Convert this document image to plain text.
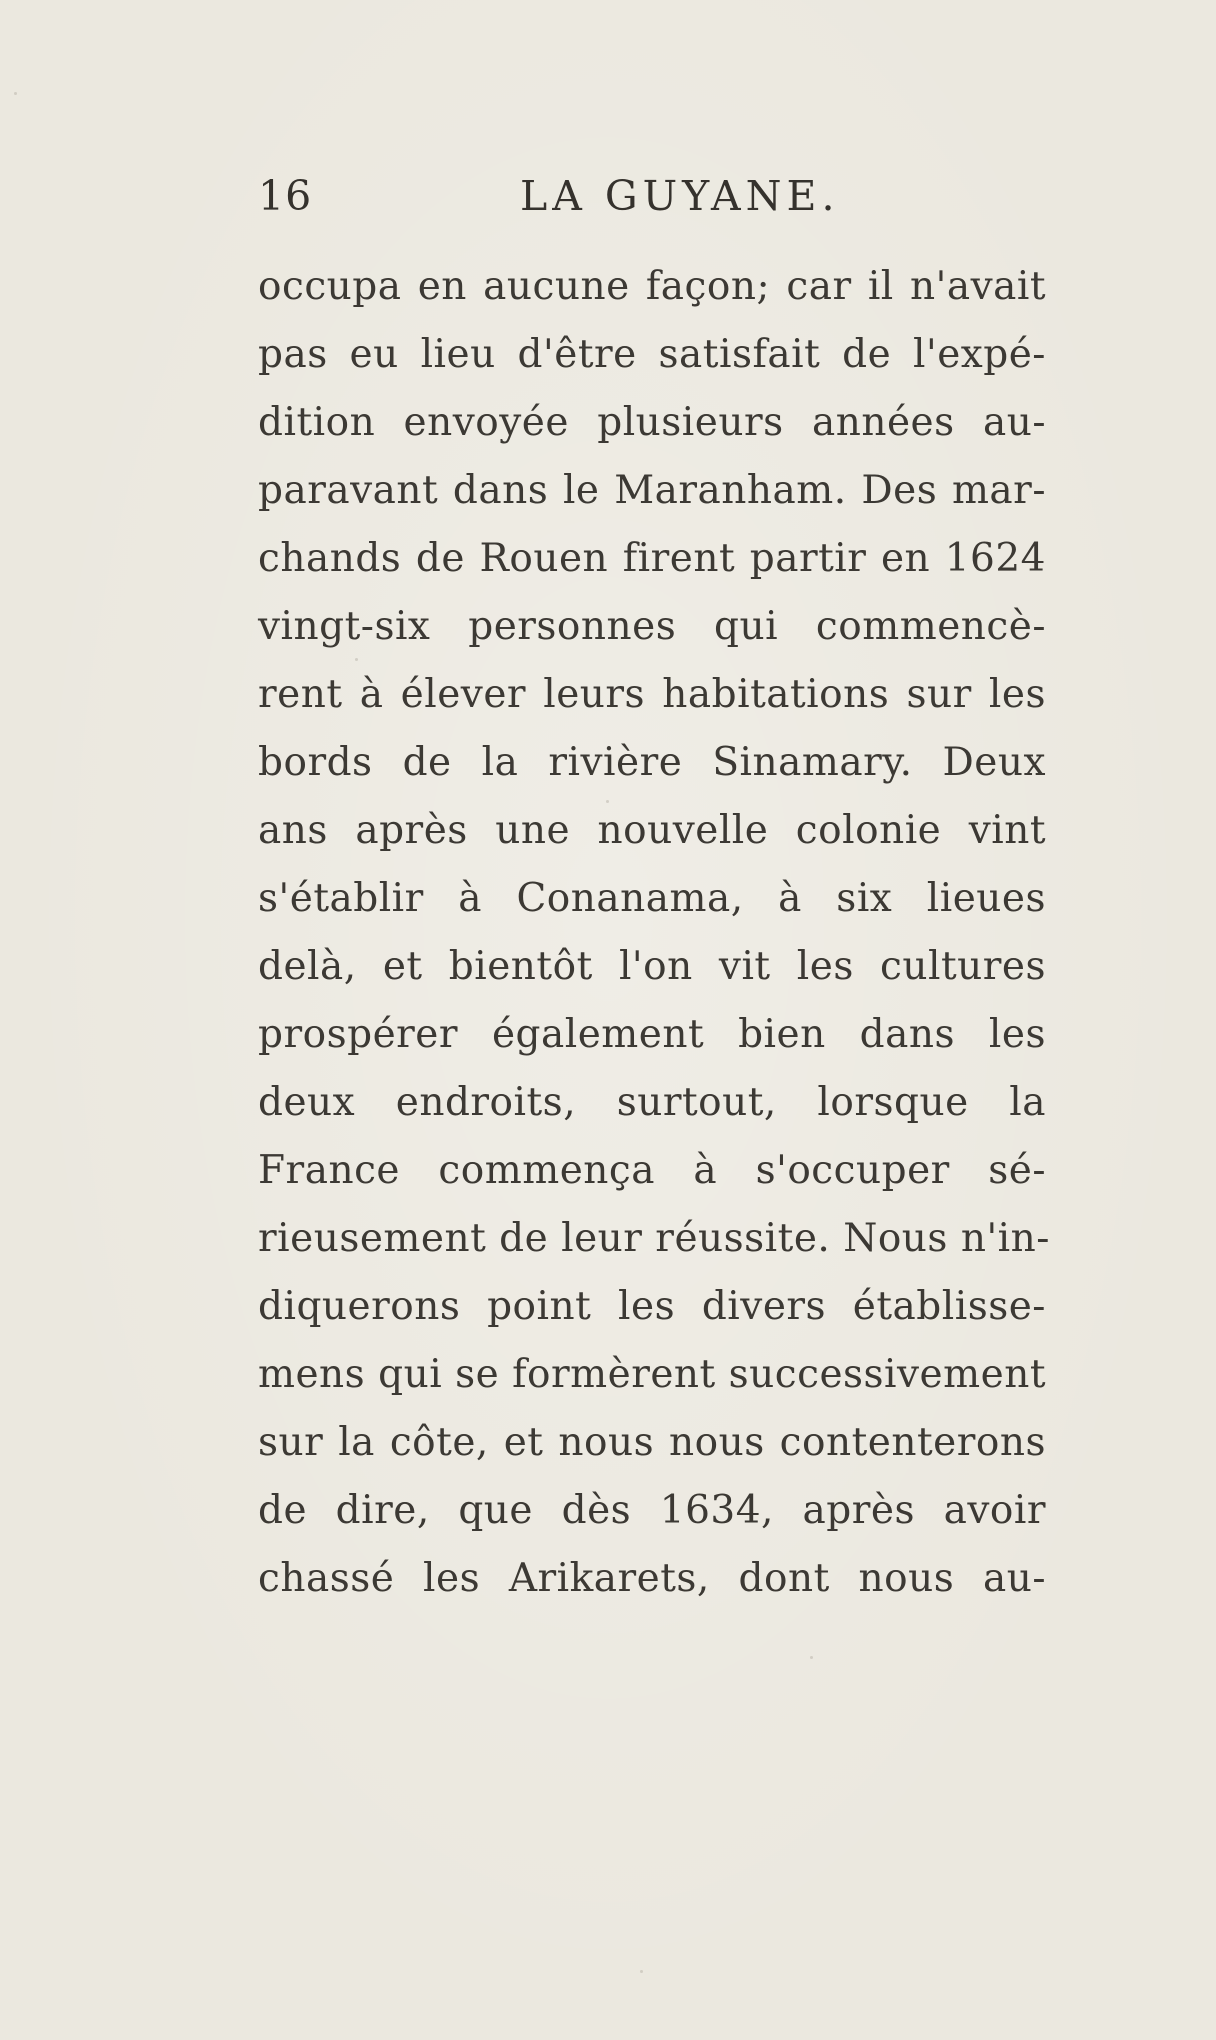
16	LA GUYANE.
occupa en aucune façon; car il n'avait
pas eu lieu d'être satisfait de l'expé-
dition envoyée plusieurs années au-
paravant dans le Maranham. Des mar-
chands de Rouen firent partir en 1624
vingt-six personnes qui commencè-
rent à élever leurs habitations sur les
bords de la rivière Sinamary. Deux
ans après une nouvelle colonie vint
s'établir à Conanama, à six lieues
delà, et bientôt l'on vit les cultures
prospérer également bien dans les
deux endroits, surtout, lorsque la
France commença à s'occuper sé-
rieusement de leur réussite. Nous n'in-
diquerons point les divers établisse-
mens qui se formèrent successivement
sur la côte, et nous nous contenterons
de dire, que dès 1634, après avoir
chassé les Arikarets, dont nous au-
